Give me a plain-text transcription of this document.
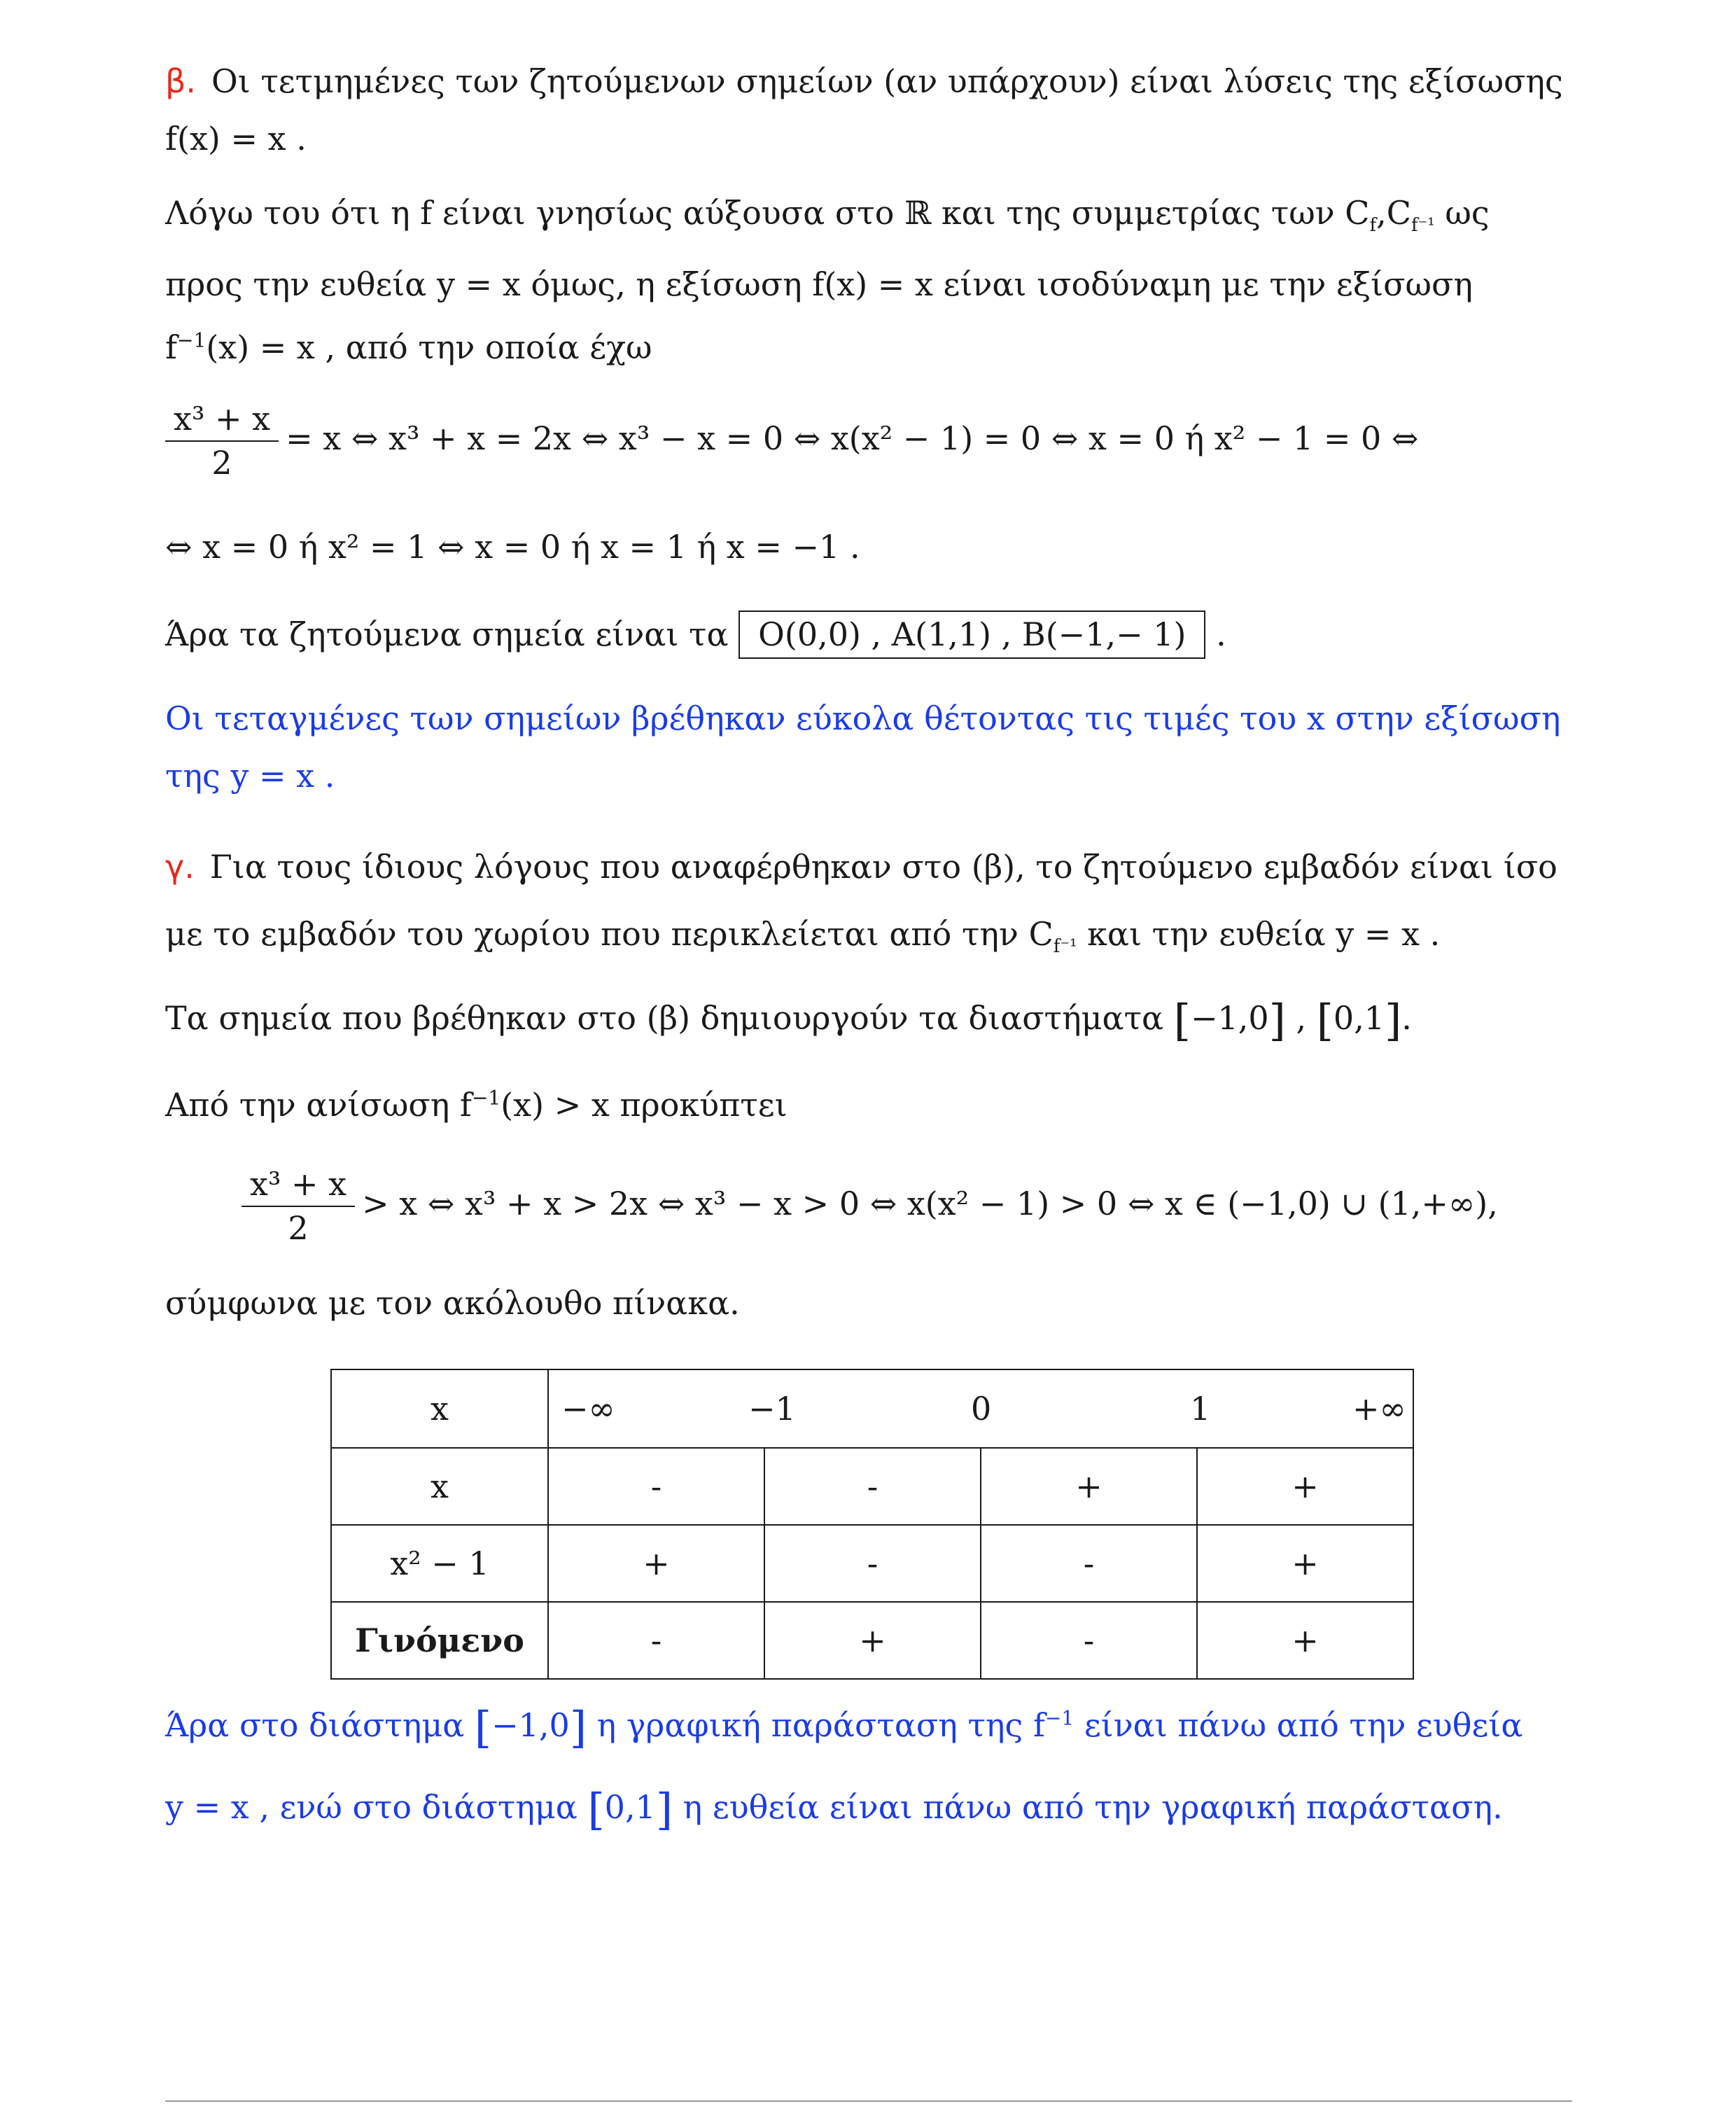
β. Οι τετμημένες των ζητούμενων σημείων (αν υπάρχουν) είναι λύσεις της εξίσωσης
f(x) = x .
Λόγω του ότι η f είναι γνησίως αύξουσα στο ℝ και της συμμετρίας των $C_f,C_{f^{-1}}$ ως
προς την ευθεία y = x όμως, η εξίσωση f(x) = x είναι ισοδύναμη με την εξίσωση
$f^{-1}(x) = x$ , από την οποία έχω
$\frac{\text{x³ + x}}{2} = x$ ⇔ x³ + x = 2x ⇔ x³ − x = 0 ⇔ x(x² − 1) = 0 ⇔ x = 0 ή x² − 1 = 0 ⇔
⇔ x = 0 ή x² = 1 ⇔ x = 0 ή x = 1 ή x = −1 .
Άρα τα ζητούμενα σημεία είναι τα O(0,0) , A(1,1) , B(−1,− 1) .
Οι τεταγμένες των σημείων βρέθηκαν εύκολα θέτοντας τις τιμές του x στην εξίσωση
της y = x .
γ. Για τους ίδιους λόγους που αναφέρθηκαν στο (β), το ζητούμενο εμβαδόν είναι ίσο
με το εμβαδόν του χωρίου που περικλείεται από την $C_{f^{-1}}$ και την ευθεία y = x .
Τα σημεία που βρέθηκαν στο (β) δημιουργούν τα διαστήματα [−1,0] , [0,1].
Από την ανίσωση $f^{-1}(x) > x$ προκύπτει
$\frac{\text{x³ + x}}{2} > x$ ⇔ x³ + x > 2x ⇔ x³ − x > 0 ⇔ x(x² − 1) > 0 ⇔ x ∈ (−1,0) ∪ (1,+∞),
σύμφωνα με τον ακόλουθο πίνακα.
x	−∞ −1 0 1 +∞			

x	-	-	+	+
x² − 1	+	-	-	+
Γινόμενο	-	+	-	+
Άρα στο διάστημα [−1,0] η γραφική παράσταση της $f^{-1}$ είναι πάνω από την ευθεία
y = x , ενώ στο διάστημα [0,1] η ευθεία είναι πάνω από την γραφική παράσταση.
